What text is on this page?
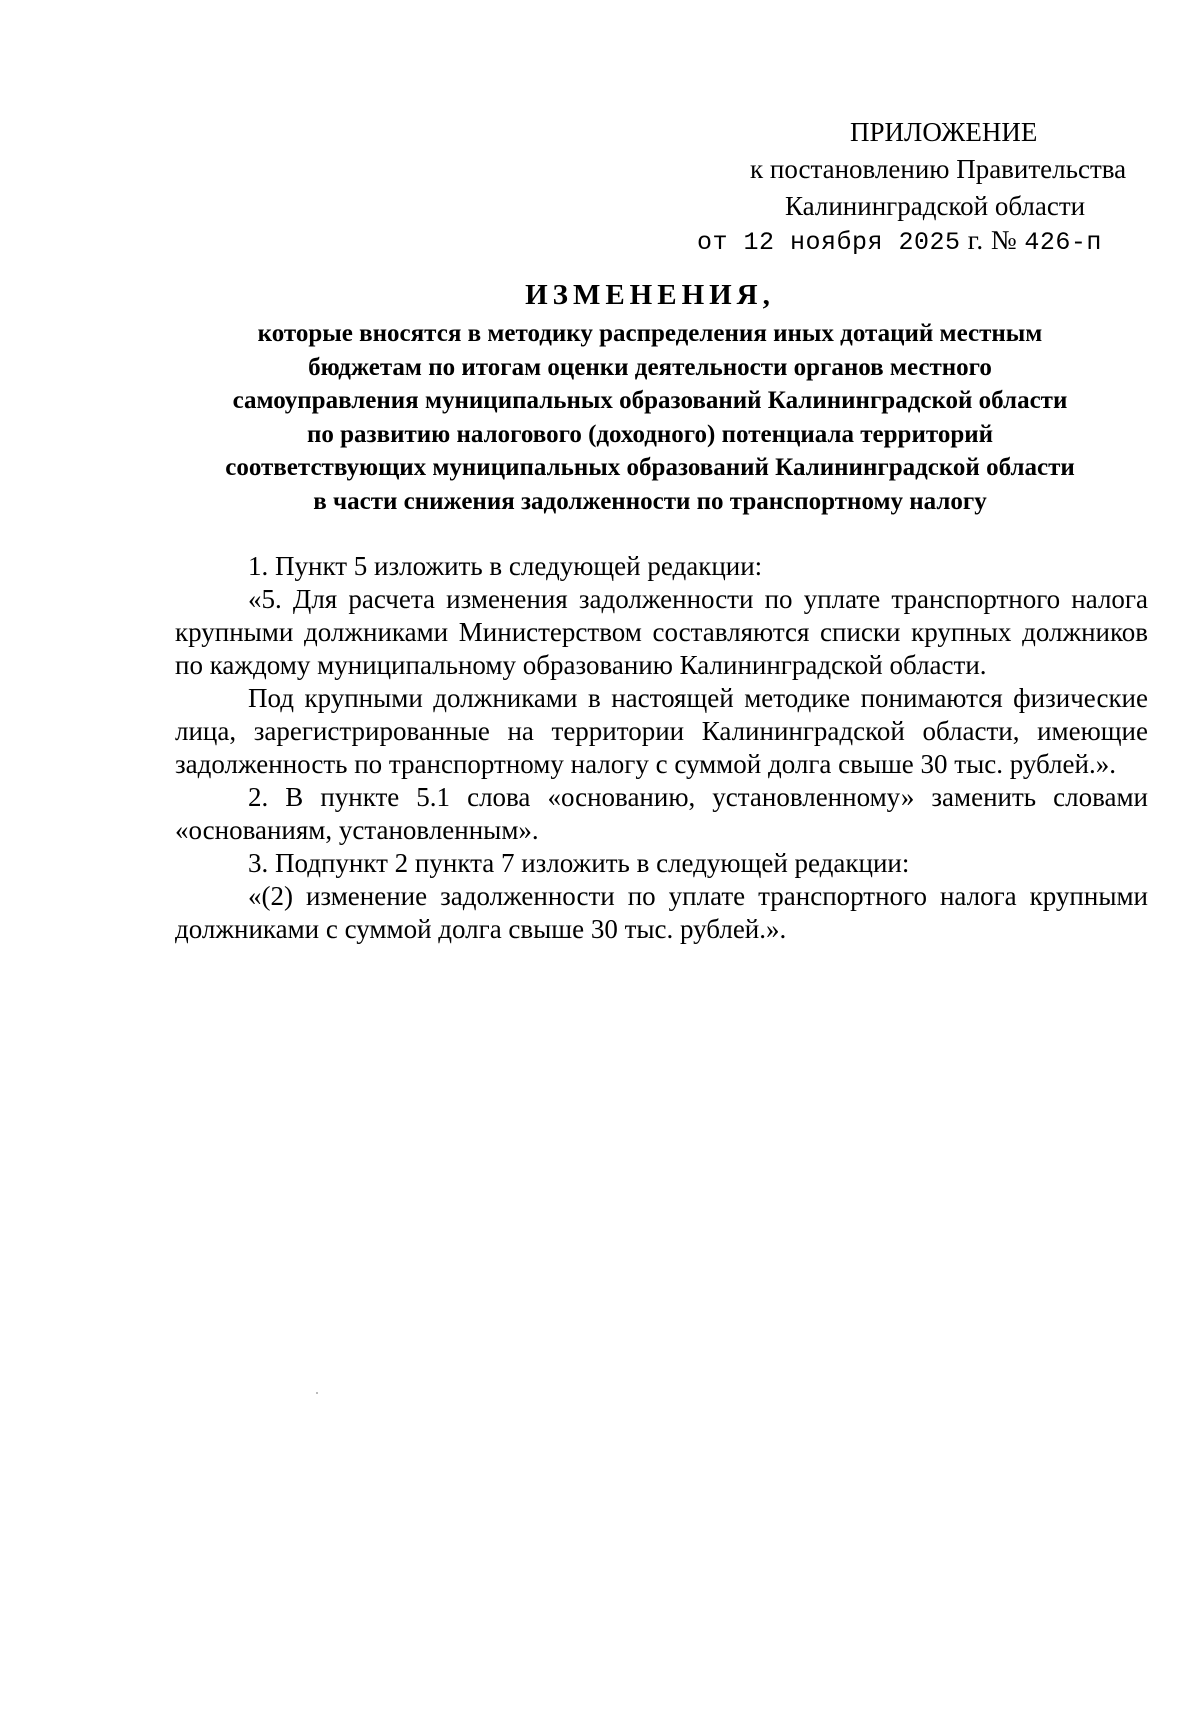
ПРИЛОЖЕНИЕ
к постановлению Правительства
Калининградской области
от 12 ноября 2025 г. № 426-п
ИЗМЕНЕНИЯ,
которые вносятся в методику распределения иных дотаций местным
бюджетам по итогам оценки деятельности органов местного
самоуправления муниципальных образований Калининградской области
по развитию налогового (доходного) потенциала территорий
соответствующих муниципальных образований Калининградской области
в части снижения задолженности по транспортному налогу

1. Пункт 5 изложить в следующей редакции:

«5. Для расчета изменения задолженности по уплате транспортного налога крупными должниками Министерством составляются списки крупных должников по каждому муниципальному образованию Калининградской области.

Под крупными должниками в настоящей методике понимаются физические лица, зарегистрированные на территории Калининградской области, имеющие задолженность по транспортному налогу с суммой долга свыше 30 тыс. рублей.».

2. В пункте 5.1 слова «основанию, установленному» заменить словами «основаниям, установленным».

3. Подпункт 2 пункта 7 изложить в следующей редакции:

«(2) изменение задолженности по уплате транспортного налога крупными должниками с суммой долга свыше 30 тыс. рублей.».
